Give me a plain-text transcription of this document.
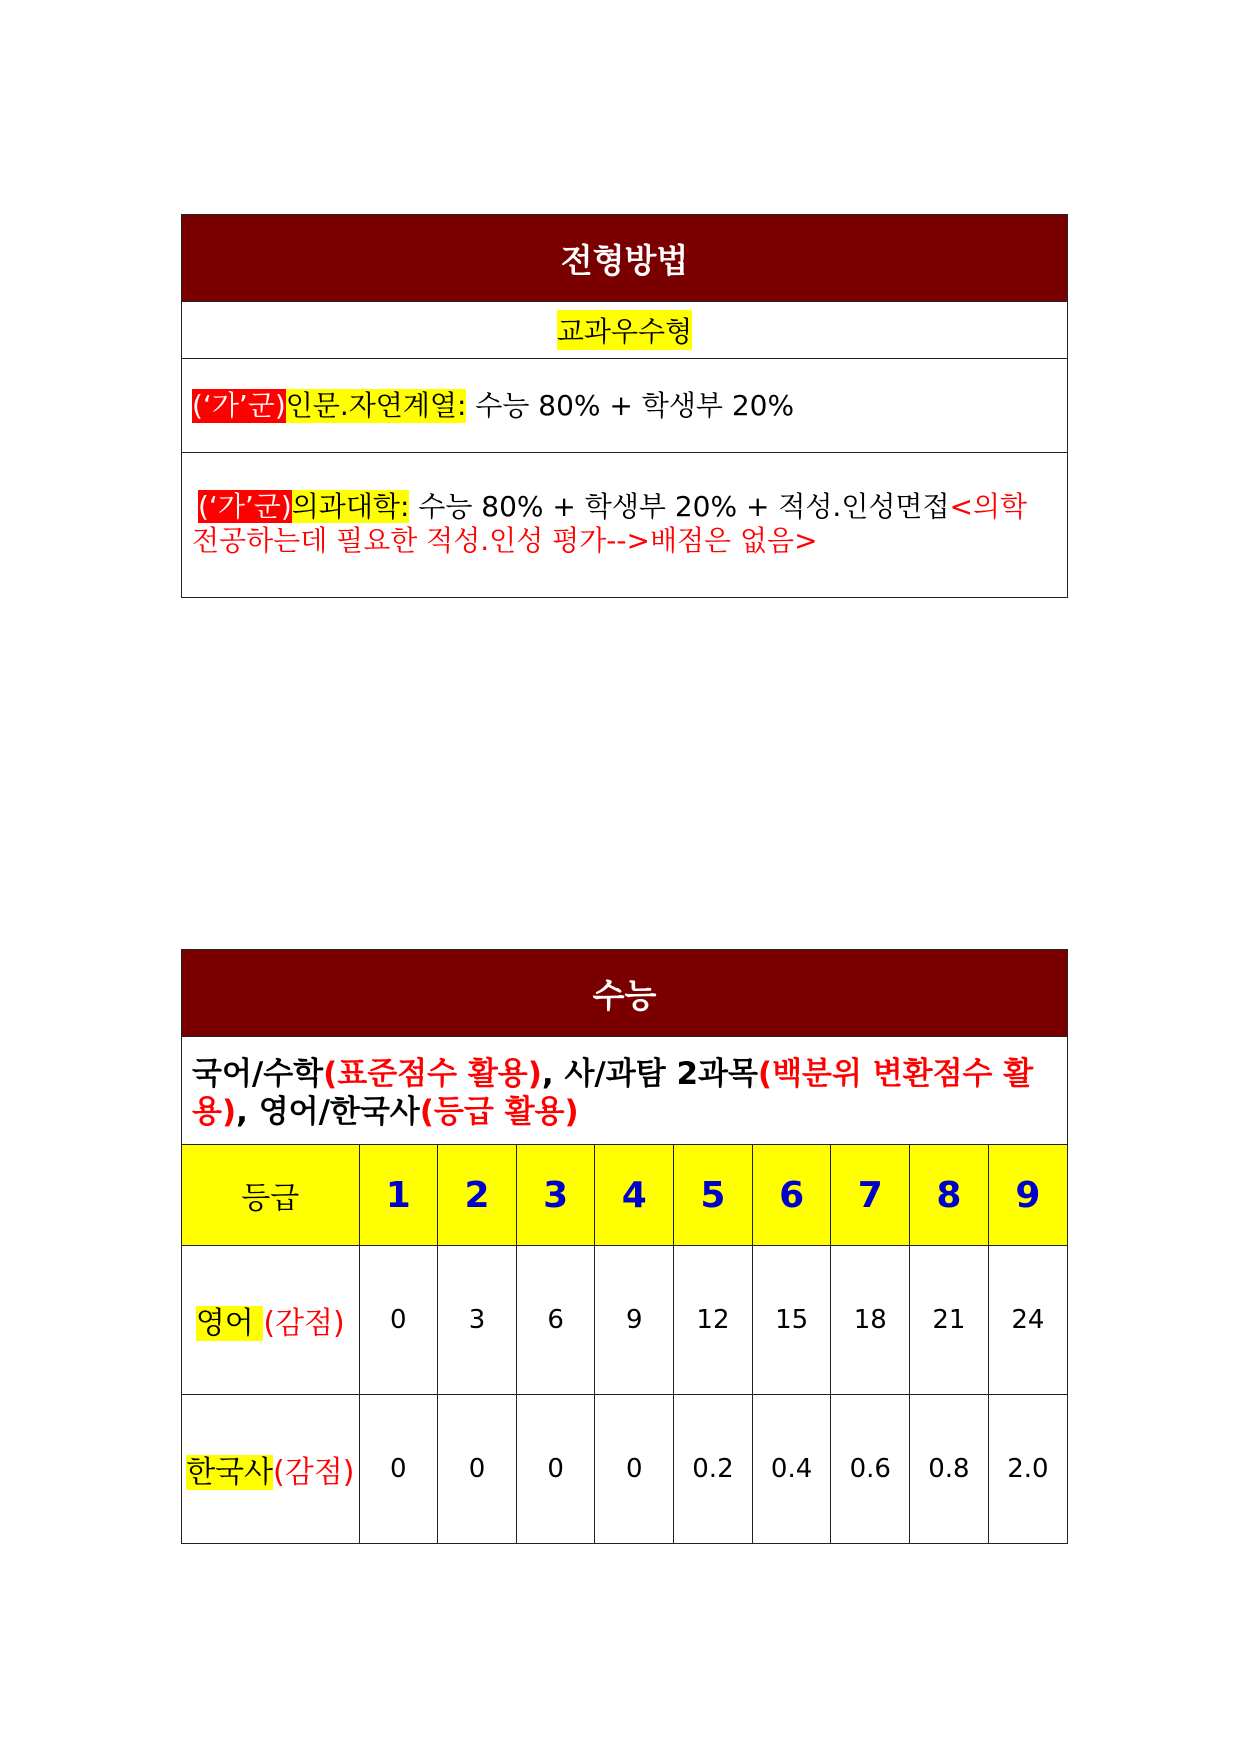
전형방법
교과우수형
(‘가’군) 인문.자연계열: 수능 80% + 학생부 20%
(‘가’군)의과대학: 수능 80% + 학생부 20% + 적성.인성면접<의학 전공하는데 필요한 적성.인성 평가-->배점은 없음>
수능
국어/수학(표준점수 활용), 사/과탐 2과목(백분위 변환점수 활용), 영어/한국사(등급 활용)
등급	1	2	3	4	5	6	7	8	9
영어 (감점)	0	3	6	9	12	15	18	21	24
한국사(감점)	0	0	0	0	0.2	0.4	0.6	0.8	2.0
